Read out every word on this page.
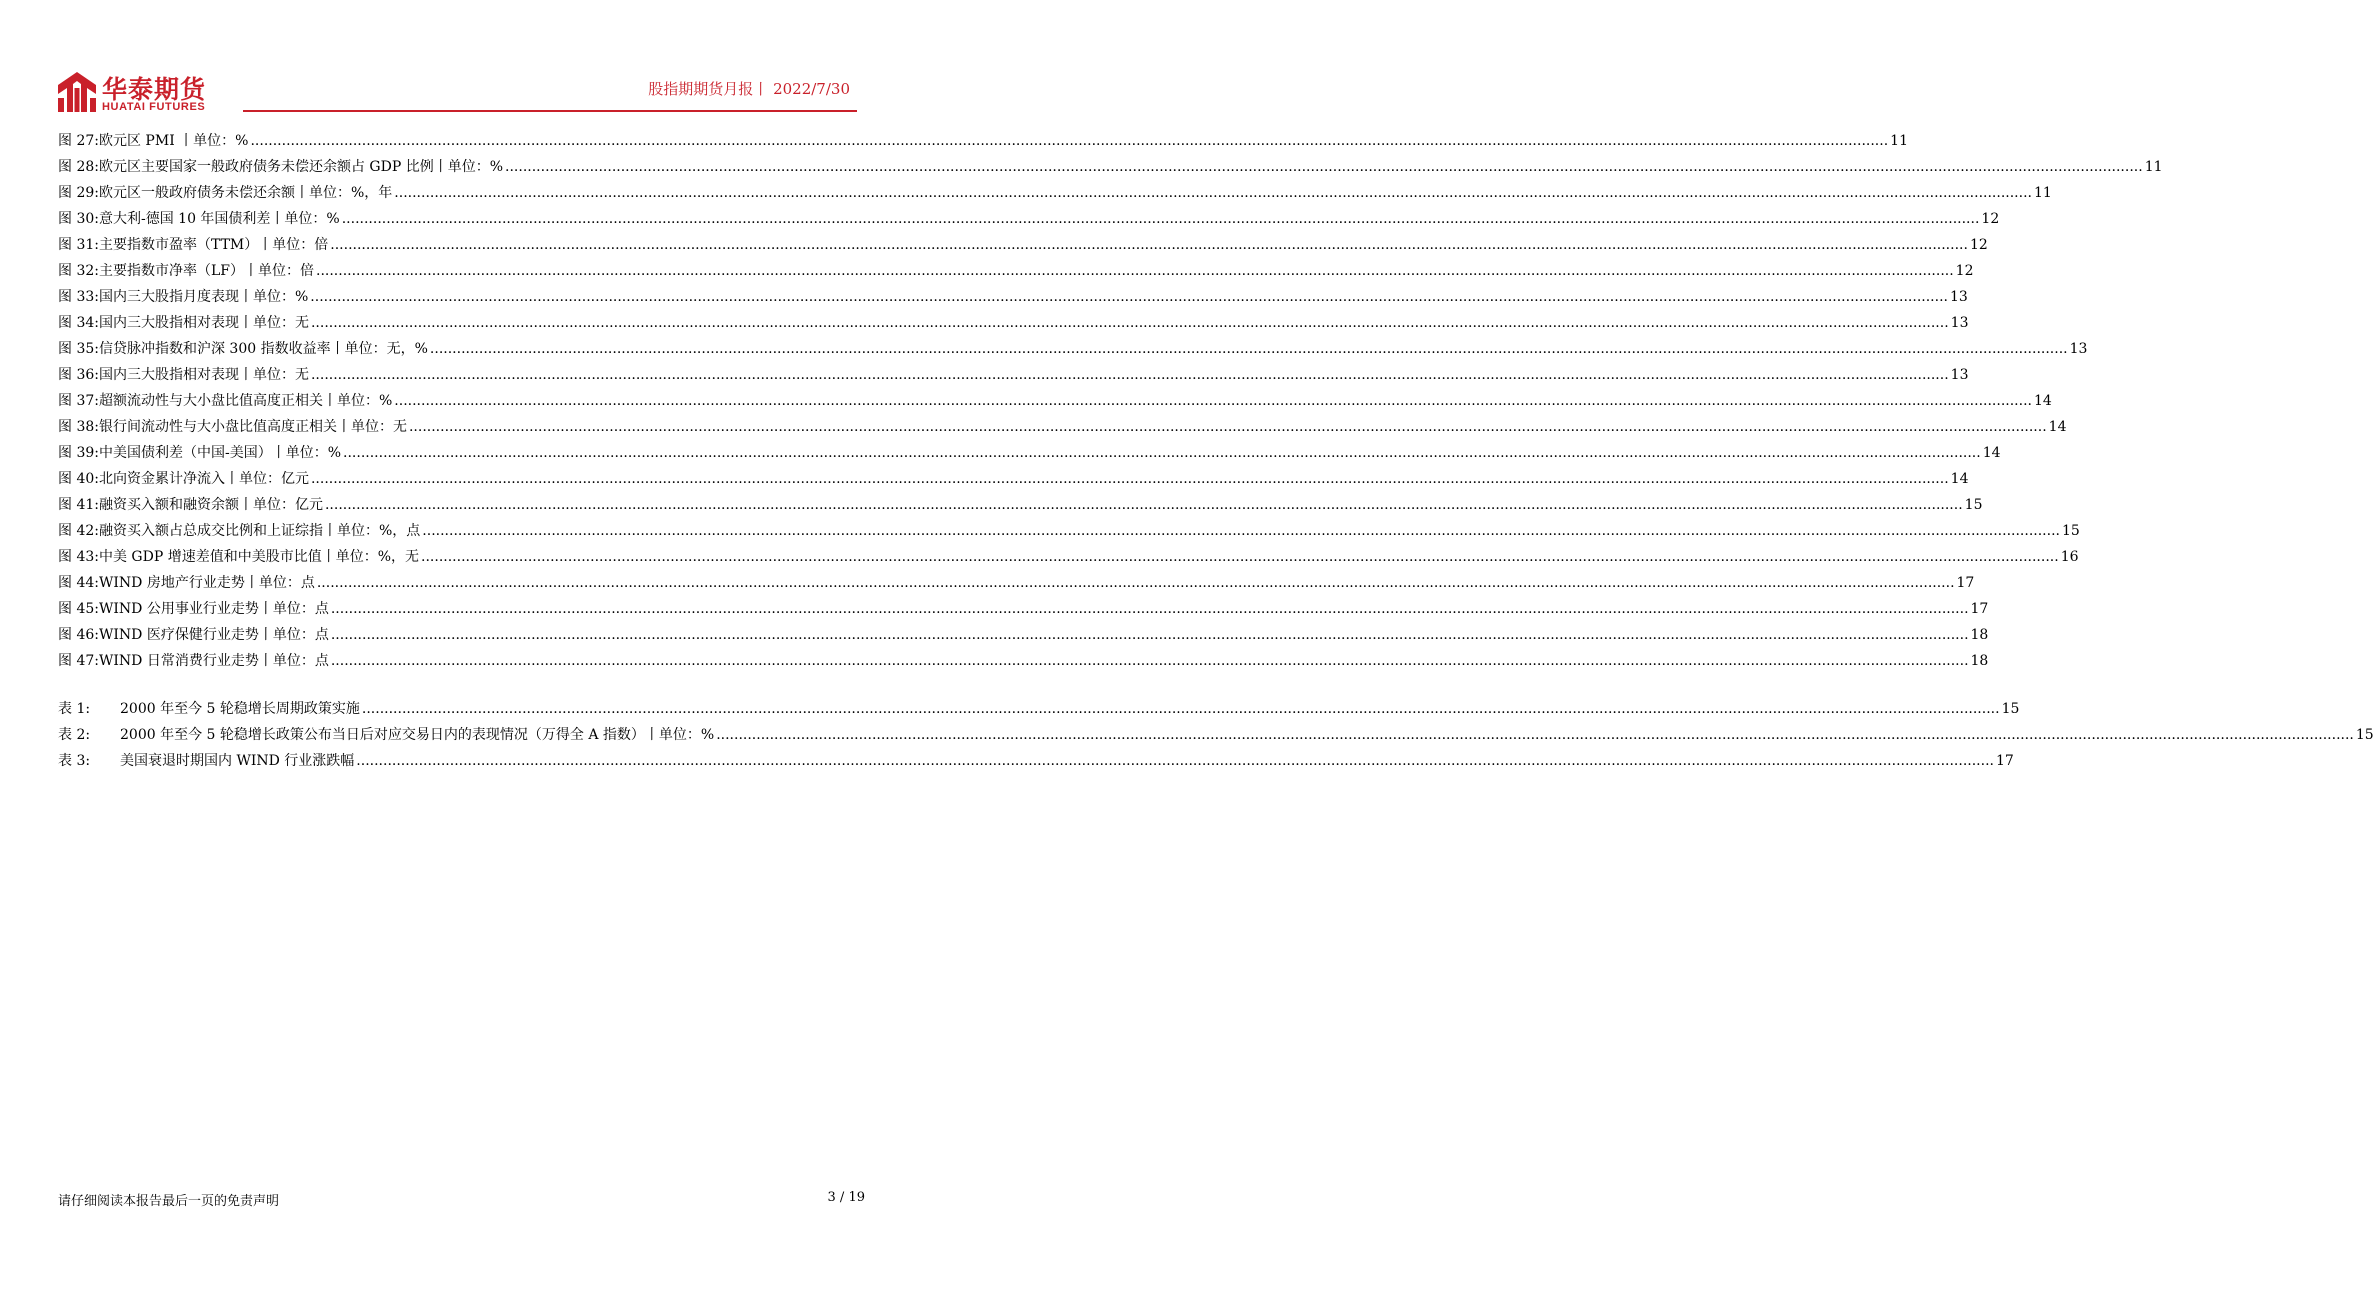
华泰期货
HUATAI FUTURES
股指期期货月报丨 2022/7/30
图 27: 欧元区 PMI 丨单位：% .....	11
图 28: 欧元区主要国家一般政府债务未偿还余额占 GDP 比例丨单位：% .....	11
图 29: 欧元区一般政府债务未偿还余额丨单位：%，年 .....	11
图 30: 意大利-德国 10 年国债利差丨单位：% .....	12
图 31: 主要指数市盈率（TTM）丨单位：倍 .....	12
图 32: 主要指数市净率（LF）丨单位：倍 .....	12
图 33: 国内三大股指月度表现丨单位：% .....	13
图 34: 国内三大股指相对表现丨单位：无 .....	13
图 35: 信贷脉冲指数和沪深 300 指数收益率丨单位：无，% .....	13
图 36: 国内三大股指相对表现丨单位：无 .....	13
图 37: 超额流动性与大小盘比值高度正相关丨单位：% .....	14
图 38: 银行间流动性与大小盘比值高度正相关丨单位：无 .....	14
图 39: 中美国债利差（中国-美国）丨单位：% .....	14
图 40: 北向资金累计净流入丨单位：亿元 .....	14
图 41: 融资买入额和融资余额丨单位：亿元 .....	15
图 42: 融资买入额占总成交比例和上证综指丨单位：%，点 .....	15
图 43: 中美 GDP 增速差值和中美股市比值丨单位：%，无 .....	16
图 44: WIND 房地产行业走势丨单位：点 .....	17
图 45: WIND 公用事业行业走势丨单位：点 .....	17
图 46: WIND 医疗保健行业走势丨单位：点 .....	18
图 47: WIND 日常消费行业走势丨单位：点 .....	18
表 1:	2000 年至今 5 轮稳增长周期政策实施 .....	15
表 2:	2000 年至今 5 轮稳增长政策公布当日后对应交易日内的表现情况（万得全 A 指数）丨单位：% .....	15
表 3:	美国衰退时期国内 WIND 行业涨跌幅 .....	17
请仔细阅读本报告最后一页的免责声明	3 / 19
